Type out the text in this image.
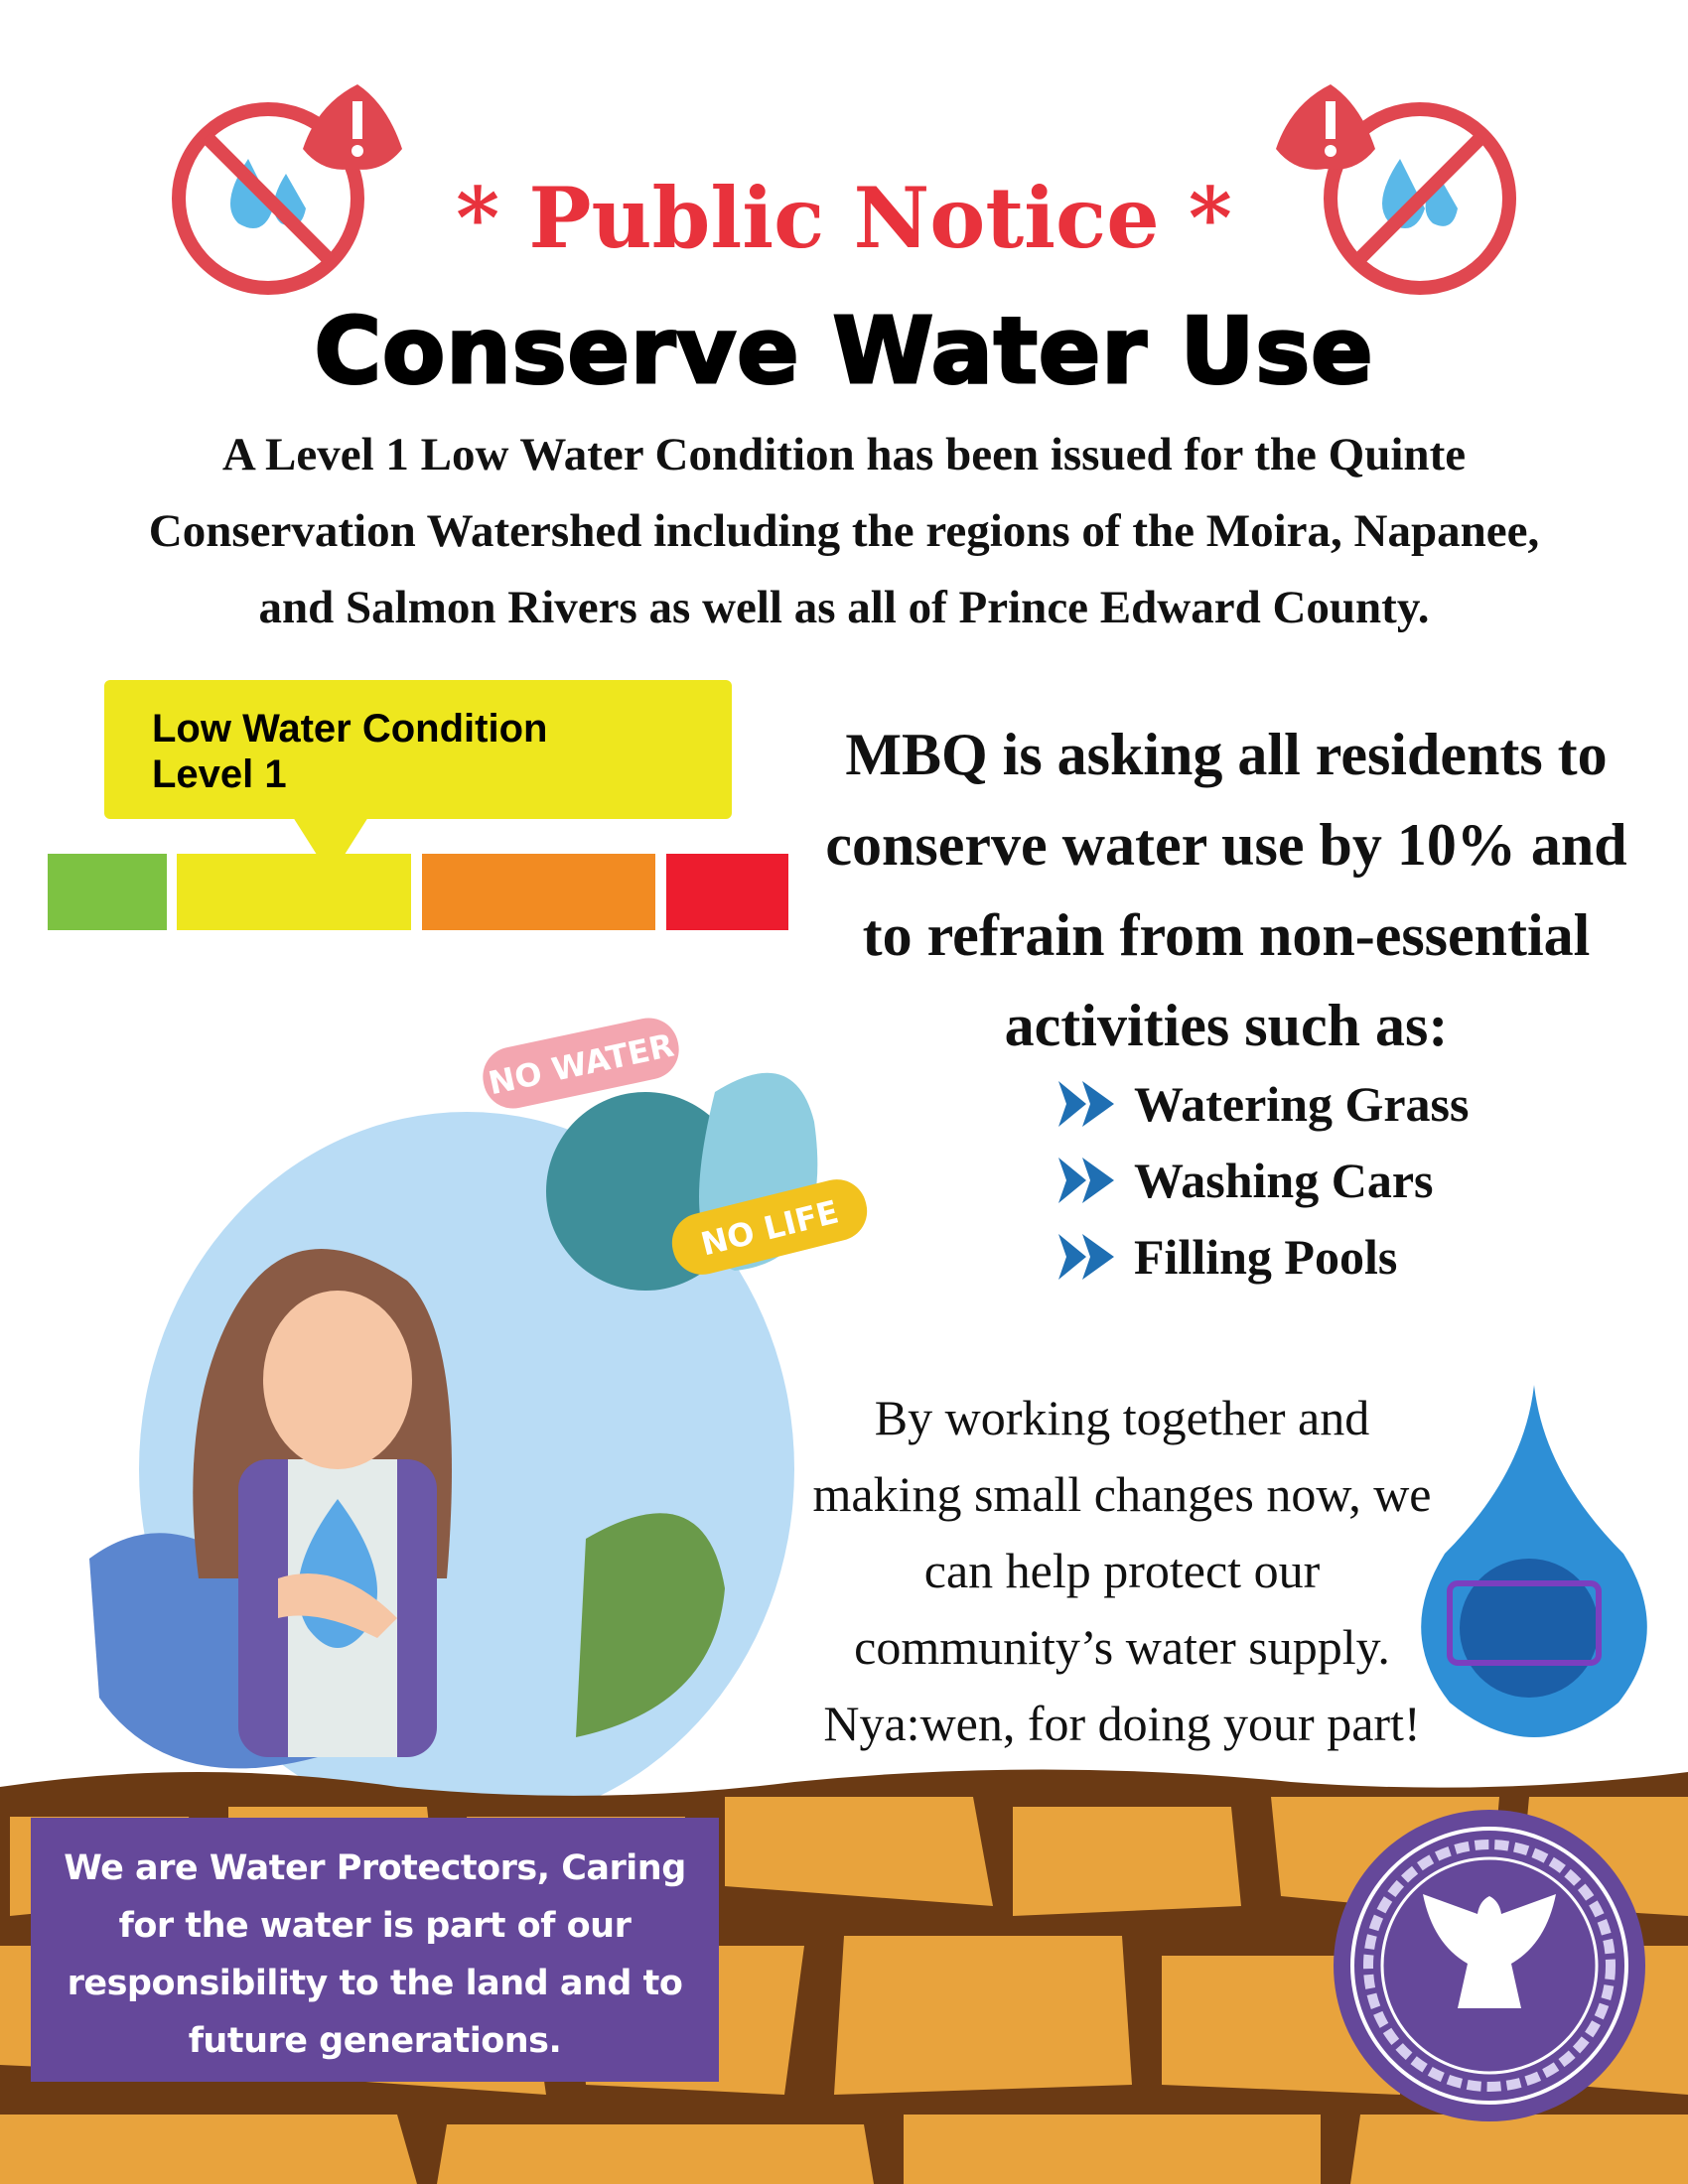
* Public Notice *
Conserve Water Use
A Level 1 Low Water Condition has been issued for the Quinte
Conservation Watershed including the regions of the Moira, Napanee,
and Salmon Rivers as well as all of Prince Edward County.
Low Water Condition
Level 1	MBQ is asking all residents to
conserve water use by 10% and
to refrain from non-essential
activities such as:
Watering Grass
Washing Cars
Filling Pools
NO WATER
NO LIFE
By working together and
making small changes now, we
can help protect our
community’s water supply.
Nya:wen, for doing your part!
We are Water Protectors, Caring
for the water is part of our
responsibility to the land and to
future generations.
